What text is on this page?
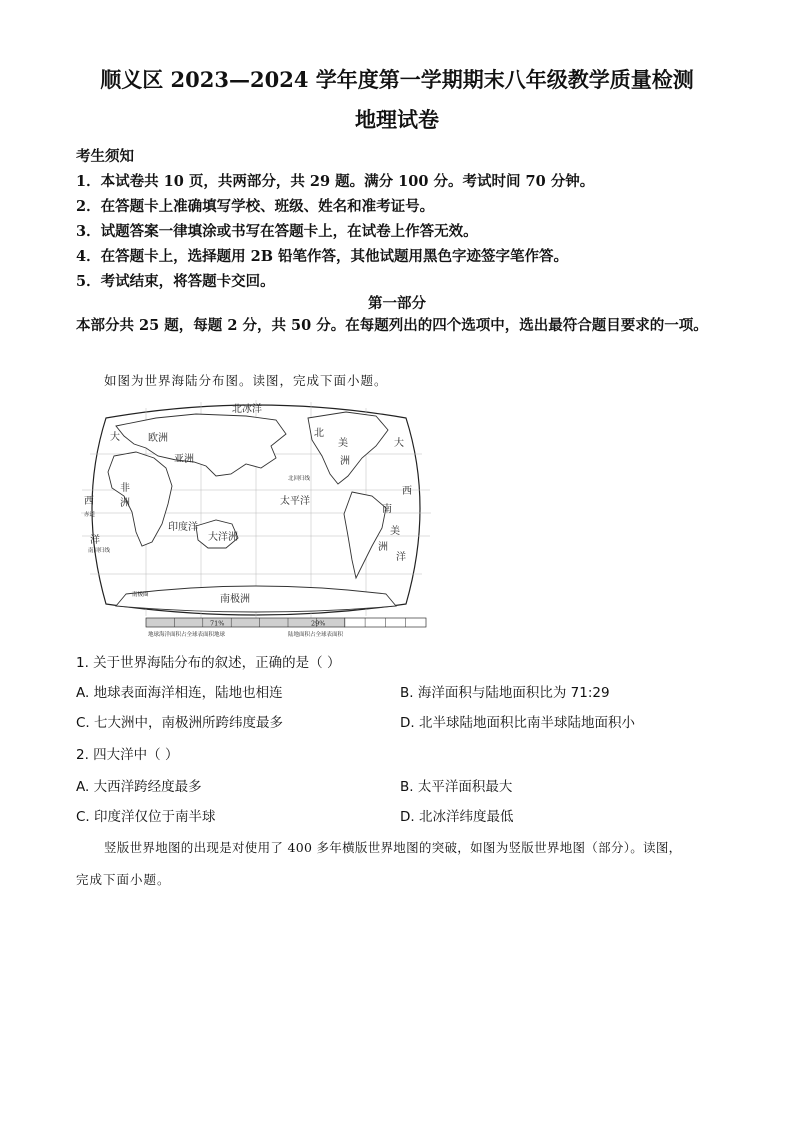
顺义区 2023—2024 学年度第一学期期末八年级教学质量检测
地理试卷
考生须知
1．本试卷共 10 页，共两部分，共 29 题。满分 100 分。考试时间 70 分钟。
2．在答题卡上准确填写学校、班级、姓名和准考证号。
3．试题答案一律填涂或书写在答题卡上，在试卷上作答无效。
4．在答题卡上，选择题用 2B 铅笔作答，其他试题用黑色字迹签字笔作答。
5．考试结束，将答题卡交回。
第一部分
本部分共 25 题，每题 2 分，共 50 分。在每题列出的四个选项中，选出最符合题目要求的一项。
如图为世界海陆分布图。读图，完成下面小题。
北冰洋
大	欧洲
亚洲
非
洲
西
洋
印度洋
大洋洲
太平洋
北
美
洲
大
西
洋
南
美
洲
南极洲
北回归线
赤道
南回归线
南极圈
71%	29%
地球海洋面积占全球表面积地球	陆地面积占全球表面积
1. 关于世界海陆分布的叙述，正确的是（ ）
A. 地球表面海洋相连，陆地也相连	B. 海洋面积与陆地面积比为 71:29
C. 七大洲中，南极洲所跨纬度最多	D. 北半球陆地面积比南半球陆地面积小
2. 四大洋中（ ）
A. 大西洋跨经度最多	B. 太平洋面积最大
C. 印度洋仅位于南半球	D. 北冰洋纬度最低
竖版世界地图的出现是对使用了 400 多年横版世界地图的突破，如图为竖版世界地图（部分）。读图，
完成下面小题。
